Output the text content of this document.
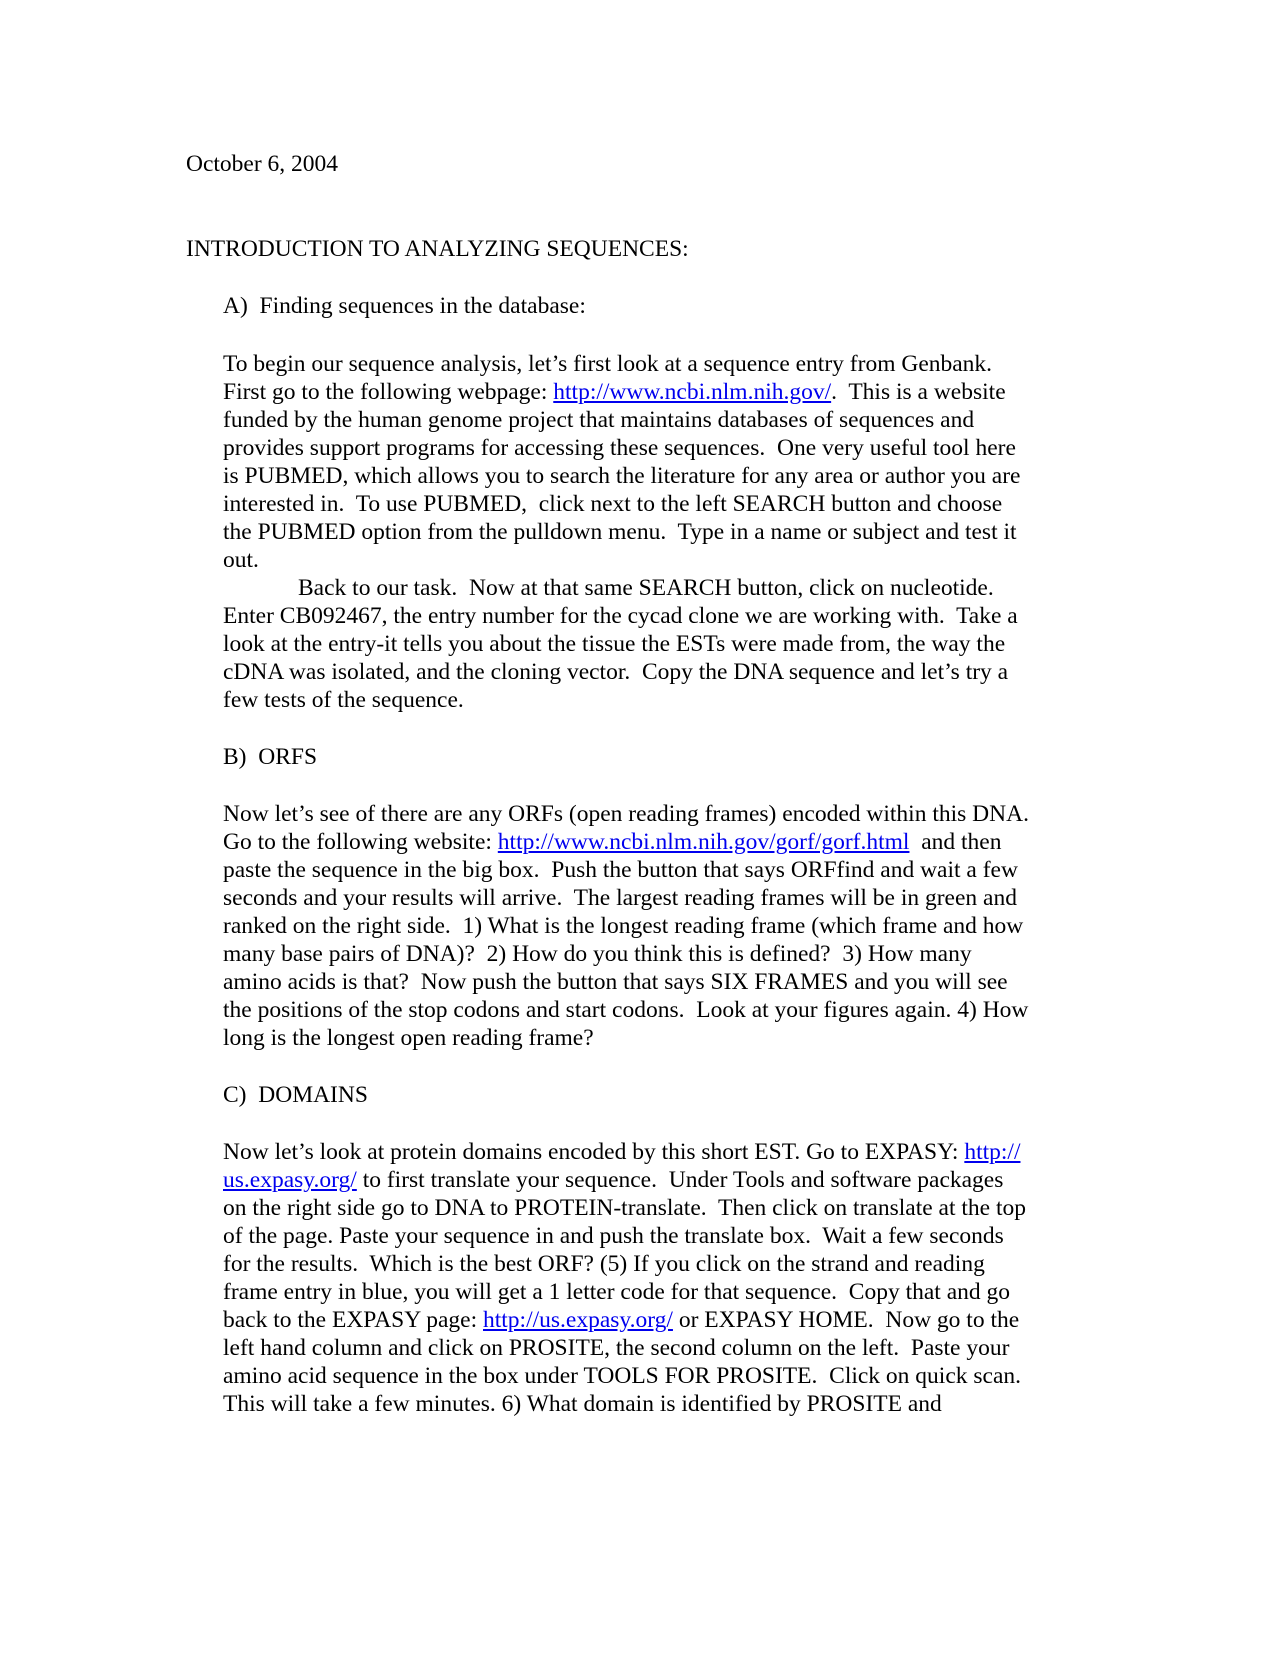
October 6, 2004
INTRODUCTION TO ANALYZING SEQUENCES:
A)  Finding sequences in the database:
To begin our sequence analysis, let’s first look at a sequence entry from Genbank.
First go to the following webpage: http://www.ncbi.nlm.nih.gov/.  This is a website
funded by the human genome project that maintains databases of sequences and
provides support programs for accessing these sequences.  One very useful tool here
is PUBMED, which allows you to search the literature for any area or author you are
interested in.  To use PUBMED,  click next to the left SEARCH button and choose
the PUBMED option from the pulldown menu.  Type in a name or subject and test it
out.
Back to our task.  Now at that same SEARCH button, click on nucleotide.
Enter CB092467, the entry number for the cycad clone we are working with.  Take a
look at the entry-it tells you about the tissue the ESTs were made from, the way the
cDNA was isolated, and the cloning vector.  Copy the DNA sequence and let’s try a
few tests of the sequence.
B)  ORFS
Now let’s see of there are any ORFs (open reading frames) encoded within this DNA.
Go to the following website: http://www.ncbi.nlm.nih.gov/gorf/gorf.html  and then
paste the sequence in the big box.  Push the button that says ORFfind and wait a few
seconds and your results will arrive.  The largest reading frames will be in green and
ranked on the right side.  1) What is the longest reading frame (which frame and how
many base pairs of DNA)?  2) How do you think this is defined?  3) How many
amino acids is that?  Now push the button that says SIX FRAMES and you will see
the positions of the stop codons and start codons.  Look at your figures again. 4) How
long is the longest open reading frame?
C)  DOMAINS
Now let’s look at protein domains encoded by this short EST. Go to EXPASY: http://
us.expasy.org/ to first translate your sequence.  Under Tools and software packages
on the right side go to DNA to PROTEIN-translate.  Then click on translate at the top
of the page. Paste your sequence in and push the translate box.  Wait a few seconds
for the results.  Which is the best ORF? (5) If you click on the strand and reading
frame entry in blue, you will get a 1 letter code for that sequence.  Copy that and go
back to the EXPASY page: http://us.expasy.org/ or EXPASY HOME.  Now go to the
left hand column and click on PROSITE, the second column on the left.  Paste your
amino acid sequence in the box under TOOLS FOR PROSITE.  Click on quick scan.
This will take a few minutes. 6) What domain is identified by PROSITE and
